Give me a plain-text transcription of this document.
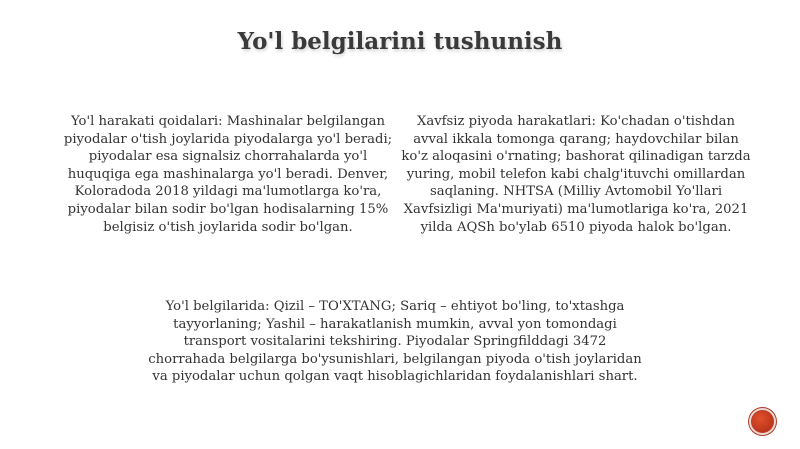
Yo'l belgilarini tushunish

Yo'l harakati qoidalari: Mashinalar belgilangan piyodalar o'tish joylarida piyodalarga yo'l beradi; piyodalar esa signalsiz chorrahalarda yo'l huquqiga ega mashinalarga yo'l beradi. Denver, Koloradoda 2018 yildagi ma'lumotlarga ko'ra, piyodalar bilan sodir bo'lgan hodisalarning 15% belgisiz o'tish joylarida sodir bo'lgan.

Xavfsiz piyoda harakatlari: Ko'chadan o'tishdan avval ikkala tomonga qarang; haydovchilar bilan ko'z aloqasini o'rnating; bashorat qilinadigan tarzda yuring, mobil telefon kabi chalg'ituvchi omillardan saqlaning. NHTSA (Milliy Avtomobil Yo'llari Xavfsizligi Ma'muriyati) ma'lumotlariga ko'ra, 2021 yilda AQSh bo'ylab 6510 piyoda halok bo'lgan.

Yo'l belgilarida: Qizil – TO'XTANG; Sariq – ehtiyot bo'ling, to'xtashga tayyorlaning; Yashil – harakatlanish mumkin, avval yon tomondagi transport vositalarini tekshiring. Piyodalar Springfilddagi 3472 chorrahada belgilarga bo'ysunishlari, belgilangan piyoda o'tish joylaridan va piyodalar uchun qolgan vaqt hisoblagichlaridan foydalanishlari shart.
